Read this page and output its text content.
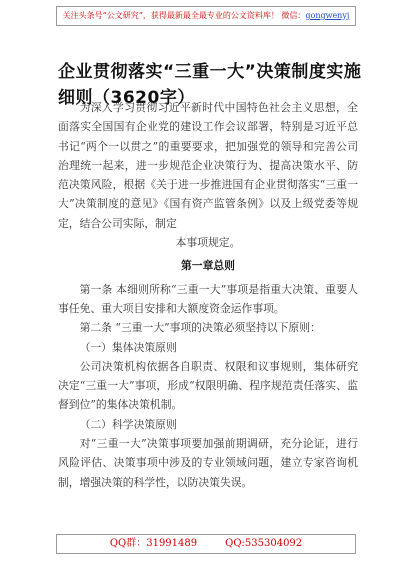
关注头条号“公文研究”，获得最新最全最专业的公文资料库！ 微信：gongwenyj
企业贯彻落实“三重一大”决策制度实施细则（3620字）

为深入学习贯彻习近平新时代中国特色社会主义思想，全面落实全国国有企业党的建设工作会议部署，特别是习近平总书记“两个一以贯之”的重要要求，把加强党的领导和完善公司治理统一起来，进一步规范企业决策行为、提高决策水平、防范决策风险，根据《关于进一步推进国有企业贯彻落实“三重一大”决策制度的意见》《国有资产监管条例》以及上级党委等规定，结合公司实际，制定

本事项规定。

第一章总则

第一条 本细则所称“三重一大”事项是指重大决策、重要人事任免、重大项目安排和大额度资金运作事项。

第二条 “三重一大”事项的决策必须坚持以下原则：

（一）集体决策原则

公司决策机构依据各自职责、权限和议事规则，集体研究决定“三重一大”事项，形成“权限明确、程序规范责任落实、监督到位”的集体决策机制。

（二）科学决策原则

对“三重一大”决策事项要加强前期调研，充分论证，进行风险评估、决策事项中涉及的专业领域问题，建立专家咨询机制，增强决策的科学性，以防决策失误。

QQ群：31991489	QQ:535304092
